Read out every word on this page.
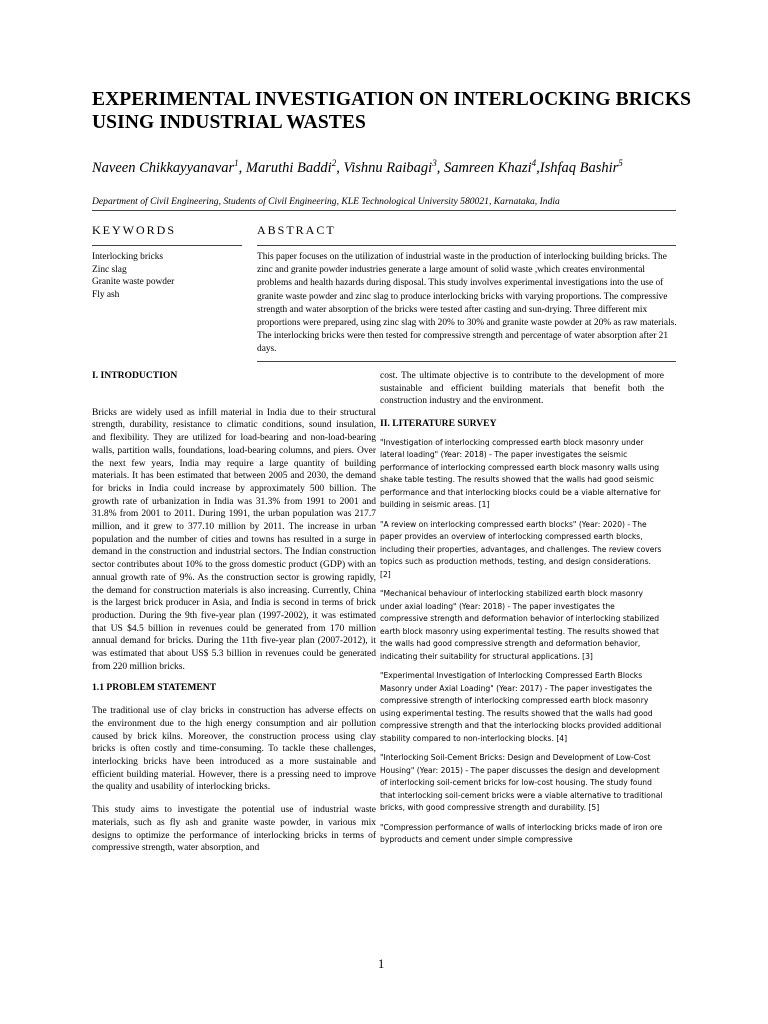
EXPERIMENTAL INVESTIGATION ON INTERLOCKING BRICKS USING INDUSTRIAL WASTES
Naveen Chikkayyanavar$^1$, Maruthi Baddi$^2$, Vishnu Raibagi$^3$, Samreen Khazi$^4$,Ishfaq Bashir$^5$

Department of Civil Engineering, Students of Civil Engineering, KLE Technological University 580021, Karnataka, India

KEYWORDS	ABSTRACT

Interlocking bricks
Zinc slag
Granite waste powder
Fly ash

This paper focuses on the utilization of industrial waste in the production of interlocking building bricks. The zinc and granite powder industries generate a large amount of solid waste ,which creates environmental problems and health hazards during disposal. This study involves experimental investigations into the use of granite waste powder and zinc slag to produce interlocking bricks with varying proportions. The compressive strength and water absorption of the bricks were tested after casting and sun-drying. Three different mix proportions were prepared, using zinc slag with 20% to 30% and granite waste powder at 20% as raw materials. The interlocking bricks were then tested for compressive strength and percentage of water absorption after 21 days.

I. INTRODUCTION

Bricks are widely used as infill material in India due to their structural strength, durability, resistance to climatic conditions, sound insulation, and flexibility. They are utilized for load-bearing and non-load-bearing walls, partition walls, foundations, load-bearing columns, and piers. Over the next few years, India may require a large quantity of building materials. It has been estimated that between 2005 and 2030, the demand for bricks in India could increase by approximately 500 billion. The growth rate of urbanization in India was 31.3% from 1991 to 2001 and 31.8% from 2001 to 2011. During 1991, the urban population was 217.7 million, and it grew to 377.10 million by 2011. The increase in urban population and the number of cities and towns has resulted in a surge in demand in the construction and industrial sectors. The Indian construction sector contributes about 10% to the gross domestic product (GDP) with an annual growth rate of 9%. As the construction sector is growing rapidly, the demand for construction materials is also increasing. Currently, China is the largest brick producer in Asia, and India is second in terms of brick production. During the 9th five-year plan (1997-2002), it was estimated that US $4.5 billion in revenues could be generated from 170 million annual demand for bricks. During the 11th five-year plan (2007-2012), it was estimated that about US$ 5.3 billion in revenues could be generated from 220 million bricks.

1.1 PROBLEM STATEMENT

The traditional use of clay bricks in construction has adverse effects on the environment due to the high energy consumption and air pollution caused by brick kilns. Moreover, the construction process using clay bricks is often costly and time-consuming. To tackle these challenges, interlocking bricks have been introduced as a more sustainable and efficient building material. However, there is a pressing need to improve the quality and usability of interlocking bricks.

This study aims to investigate the potential use of industrial waste materials, such as fly ash and granite waste powder, in various mix designs to optimize the performance of interlocking bricks in terms of compressive strength, water absorption, and

cost. The ultimate objective is to contribute to the development of more sustainable and efficient building materials that benefit both the construction industry and the environment.

II. LITERATURE SURVEY

"Investigation of interlocking compressed earth block masonry under lateral loading" (Year: 2018) - The paper investigates the seismic performance of interlocking compressed earth block masonry walls using shake table testing. The results showed that the walls had good seismic performance and that interlocking blocks could be a viable alternative for building in seismic areas. [1]

"A review on interlocking compressed earth blocks" (Year: 2020) - The paper provides an overview of interlocking compressed earth blocks, including their properties, advantages, and challenges. The review covers topics such as production methods, testing, and design considerations. [2]

"Mechanical behaviour of interlocking stabilized earth block masonry under axial loading" (Year: 2018) - The paper investigates the compressive strength and deformation behavior of interlocking stabilized earth block masonry using experimental testing. The results showed that the walls had good compressive strength and deformation behavior, indicating their suitability for structural applications. [3]

"Experimental Investigation of Interlocking Compressed Earth Blocks Masonry under Axial Loading" (Year: 2017) - The paper investigates the compressive strength of interlocking compressed earth block masonry using experimental testing. The results showed that the walls had good compressive strength and that the interlocking blocks provided additional stability compared to non-interlocking blocks. [4]

"Interlocking Soil-Cement Bricks: Design and Development of Low-Cost Housing" (Year: 2015) - The paper discusses the design and development of interlocking soil-cement bricks for low-cost housing. The study found that interlocking soil-cement bricks were a viable alternative to traditional bricks, with good compressive strength and durability. [5]

"Compression performance of walls of interlocking bricks made of iron ore byproducts and cement under simple compressive

1
